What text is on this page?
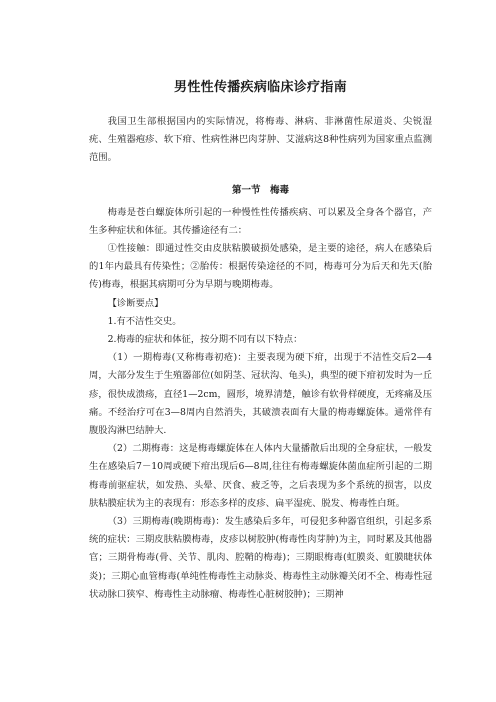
男性性传播疾病临床诊疗指南

我国卫生部根据国内的实际情况，将梅毒、淋病、非淋菌性尿道炎、尖锐湿疣、生殖器疱疹、软下疳、性病性淋巴肉芽肿、艾滋病这8种性病列为国家重点监测范围。

第一节　梅毒

梅毒是苍白螺旋体所引起的一种慢性性传播疾病、可以累及全身各个器官，产生多种症状和体征。其传播途径有二：

①性接触：即通过性交由皮肤粘膜破损处感染，是主要的途径，病人在感染后的1年内最具有传染性；②胎传：根据传染途径的不同，梅毒可分为后天和先天(胎传)梅毒，根据其病期可分为早期与晚期梅毒。

【诊断要点】

1.有不洁性交史。

2.梅毒的症状和体征，按分期不同有以下特点：

（1）一期梅毒(又称梅毒初疮)：主要表现为硬下疳，出现于不洁性交后2—4周，大部分发生于生殖器部位(如阴茎、冠状沟、龟头)，典型的硬下疳初发时为一丘疹，很快成溃疡，直径1—2cm，圆形，境界清楚，触诊有软骨样硬度，无疼痛及压痛。不经治疗可在3—8周内自然消失，其破溃表面有大量的梅毒螺旋体。通常伴有腹股沟淋巴结肿大.

（2）二期梅毒：这是梅毒螺旋体在人体内大量播散后出现的全身症状，一般发生在感染后7－10周或硬下疳出现后6—8周,往往有梅毒螺旋体菌血症所引起的二期梅毒前驱症状，如发热、头晕、厌食、疲乏等，之后表现为多个系统的损害，以皮肤粘膜症状为主的表现有：形态多样的皮疹、扁平湿疣、脱发、梅毒性白斑。

（3）三期梅毒(晚期梅毒)：发生感染后多年，可侵犯多种器官组织，引起多系统的症状：三期皮肤粘膜梅毒，皮疹以树胶肿(梅毒性肉芽肿)为主，同时累及其他器官；三期骨梅毒(骨、关节、肌肉、腔鞘的梅毒)；三期眼梅毒(虹膜炎、虹膜睫状体炎)；三期心血管梅毒(单纯性梅毒性主动脉炎、梅毒性主动脉瓣关闭不全、梅毒性冠状动脉口狭窄、梅毒性主动脉瘤、梅毒性心脏树胶肿)；三期神
